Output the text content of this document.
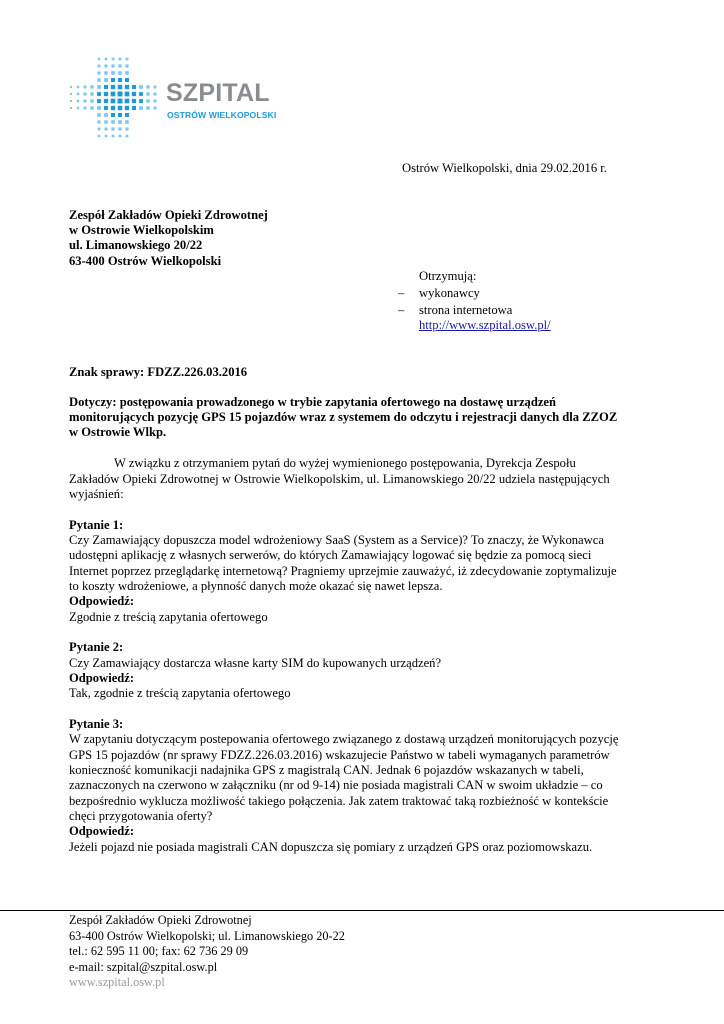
SZPITAL
OSTRÓW WIELKOPOLSKI
Ostrów Wielkopolski, dnia 29.02.2016 r.
Zespół Zakładów Opieki Zdrowotnej
w Ostrowie Wielkopolskim
ul. Limanowskiego 20/22
63-400 Ostrów Wielkopolski
Otrzymują:
– wykonawcy
– strona internetowa
http://www.szpital.osw.pl/
Znak sprawy: FDZZ.226.03.2016
Dotyczy: postępowania prowadzonego w trybie zapytania ofertowego na dostawę urządzeń
monitorujących pozycję GPS 15 pojazdów wraz z systemem do odczytu i rejestracji danych dla ZZOZ
w Ostrowie Wlkp.
W związku z otrzymaniem pytań do wyżej wymienionego postępowania, Dyrekcja Zespołu
Zakładów Opieki Zdrowotnej w Ostrowie Wielkopolskim, ul. Limanowskiego 20/22 udziela następujących
wyjaśnień:
Pytanie 1:
Czy Zamawiający dopuszcza model wdrożeniowy SaaS (System as a Service)? To znaczy, że Wykonawca
udostępni aplikację z własnych serwerów, do których Zamawiający logować się będzie za pomocą sieci
Internet poprzez przeglądarkę internetową? Pragniemy uprzejmie zauważyć, iż zdecydowanie zoptymalizuje
to koszty wdrożeniowe, a płynność danych może okazać się nawet lepsza.
Odpowiedź:
Zgodnie z treścią zapytania ofertowego
Pytanie 2:
Czy Zamawiający dostarcza własne karty SIM do kupowanych urządzeń?
Odpowiedź:
Tak, zgodnie z treścią zapytania ofertowego
Pytanie 3:
W zapytaniu dotyczącym postepowania ofertowego związanego z dostawą urządzeń monitorujących pozycję
GPS 15 pojazdów (nr sprawy FDZZ.226.03.2016) wskazujecie Państwo w tabeli wymaganych parametrów
konieczność komunikacji nadajnika GPS z magistralą CAN. Jednak 6 pojazdów wskazanych w tabeli,
zaznaczonych na czerwono w załączniku (nr od 9-14) nie posiada magistrali CAN w swoim układzie – co
bezpośrednio wyklucza możliwość takiego połączenia. Jak zatem traktować taką rozbieżność w kontekście
chęci przygotowania oferty?
Odpowiedź:
Jeżeli pojazd nie posiada magistrali CAN dopuszcza się pomiary z urządzeń GPS oraz poziomowskazu.
Zespół Zakładów Opieki Zdrowotnej
63-400 Ostrów Wielkopolski; ul. Limanowskiego 20-22
tel.: 62 595 11 00; fax: 62 736 29 09
e-mail: szpital@szpital.osw.pl
www.szpital.osw.pl
